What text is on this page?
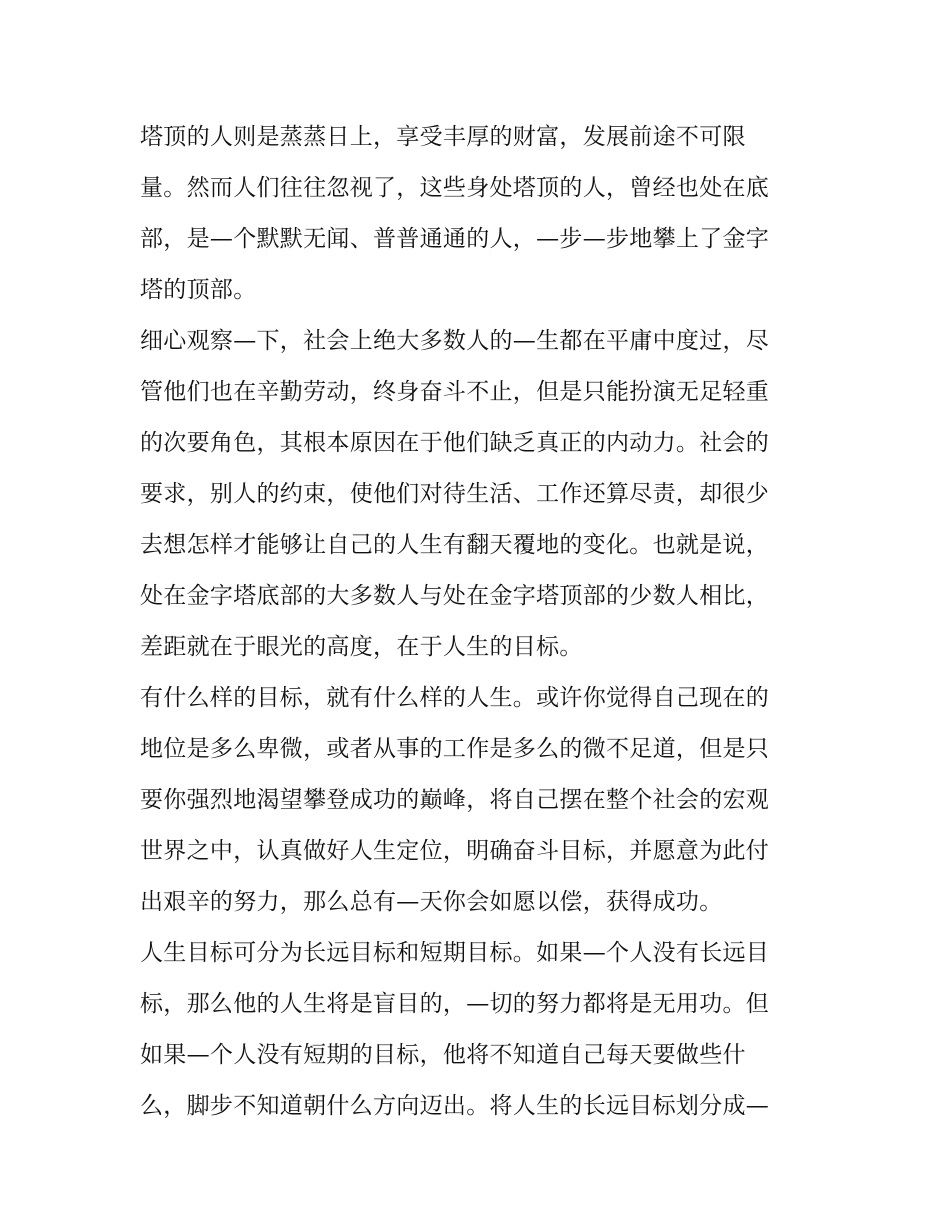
塔顶的人则是蒸蒸日上，享受丰厚的财富，发展前途不可限
量。然而人们往往忽视了，这些身处塔顶的人，曾经也处在底
部，是—个默默无闻、普普通通的人，—步—步地攀上了金字
塔的顶部。
细心观察—下，社会上绝大多数人的—生都在平庸中度过，尽
管他们也在辛勤劳动，终身奋斗不止，但是只能扮演无足轻重
的次要角色，其根本原因在于他们缺乏真正的内动力。社会的
要求，别人的约束，使他们对待生活、工作还算尽责，却很少
去想怎样才能够让自己的人生有翻天覆地的变化。也就是说，
处在金字塔底部的大多数人与处在金字塔顶部的少数人相比，
差距就在于眼光的高度，在于人生的目标。
有什么样的目标，就有什么样的人生。或许你觉得自己现在的
地位是多么卑微，或者从事的工作是多么的微不足道，但是只
要你强烈地渴望攀登成功的巅峰，将自己摆在整个社会的宏观
世界之中，认真做好人生定位，明确奋斗目标，并愿意为此付
出艰辛的努力，那么总有—天你会如愿以偿，获得成功。
人生目标可分为长远目标和短期目标。如果—个人没有长远目
标，那么他的人生将是盲目的，—切的努力都将是无用功。但
如果—个人没有短期的目标，他将不知道自己每天要做些什
么，脚步不知道朝什么方向迈出。将人生的长远目标划分成—
